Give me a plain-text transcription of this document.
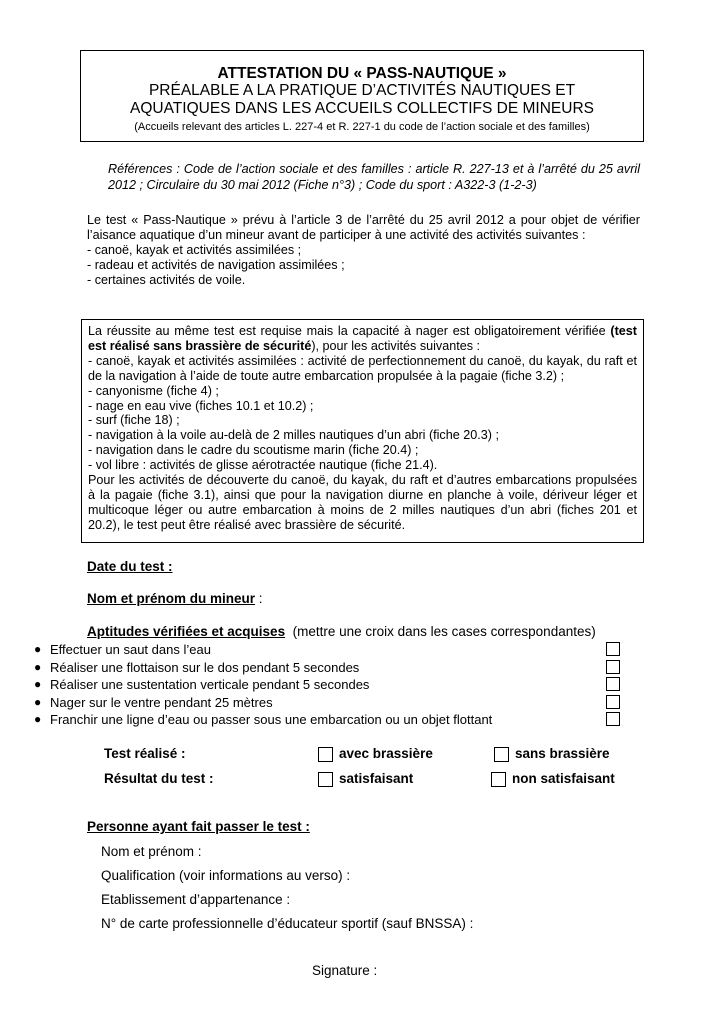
ATTESTATION DU « PASS-NAUTIQUE »
PRÉALABLE A LA PRATIQUE D’ACTIVITÉS NAUTIQUES ET
AQUATIQUES DANS LES ACCUEILS COLLECTIFS DE MINEURS
(Accueils relevant des articles L. 227-4 et R. 227-1 du code de l’action sociale et des familles)
Références : Code de l’action sociale et des familles : article R. 227-13 et à l’arrêté du 25 avril 2012 ; Circulaire du 30 mai 2012 (Fiche n°3) ; Code du sport : A322-3 (1-2-3)
Le test « Pass-Nautique » prévu à l’article 3 de l’arrêté du 25 avril 2012 a pour objet de vérifier l’aisance aquatique d’un mineur avant de participer à une activité des activités suivantes :
- canoë, kayak et activités assimilées ;
- radeau et activités de navigation assimilées ;
- certaines activités de voile.
La réussite au même test est requise mais la capacité à nager est obligatoirement vérifiée (test est réalisé sans brassière de sécurité), pour les activités suivantes :
- canoë, kayak et activités assimilées : activité de perfectionnement du canoë, du kayak, du raft et de la navigation à l’aide de toute autre embarcation propulsée à la pagaie (fiche 3.2) ;
- canyonisme (fiche 4) ;
- nage en eau vive (fiches 10.1 et 10.2) ;
- surf (fiche 18) ;
- navigation à la voile au-delà de 2 milles nautiques d’un abri (fiche 20.3) ;
- navigation dans le cadre du scoutisme marin (fiche 20.4) ;
- vol libre : activités de glisse aérotractée nautique (fiche 21.4).
Pour les activités de découverte du canoë, du kayak, du raft et d’autres embarcations propulsées à la pagaie (fiche 3.1), ainsi que pour la navigation diurne en planche à voile, dériveur léger et multicoque léger ou autre embarcation à moins de 2 milles nautiques d’un abri (fiches 201 et 20.2), le test peut être réalisé avec brassière de sécurité.
Date du test :
Nom et prénom du mineur :
Aptitudes vérifiées et acquises  (mettre une croix dans les cases correspondantes)
● Effectuer un saut dans l’eau
● Réaliser une flottaison sur le dos pendant 5 secondes
● Réaliser une sustentation verticale pendant 5 secondes
● Nager sur le ventre pendant 25 mètres
● Franchir une ligne d’eau ou passer sous une embarcation ou un objet flottant
Test réalisé :	avec brassière	sans brassière
Résultat du test :	satisfaisant	non satisfaisant
Personne ayant fait passer le test :
Nom et prénom :
Qualification (voir informations au verso) :
Etablissement d’appartenance :
N° de carte professionnelle d’éducateur sportif (sauf BNSSA) :
Signature :
